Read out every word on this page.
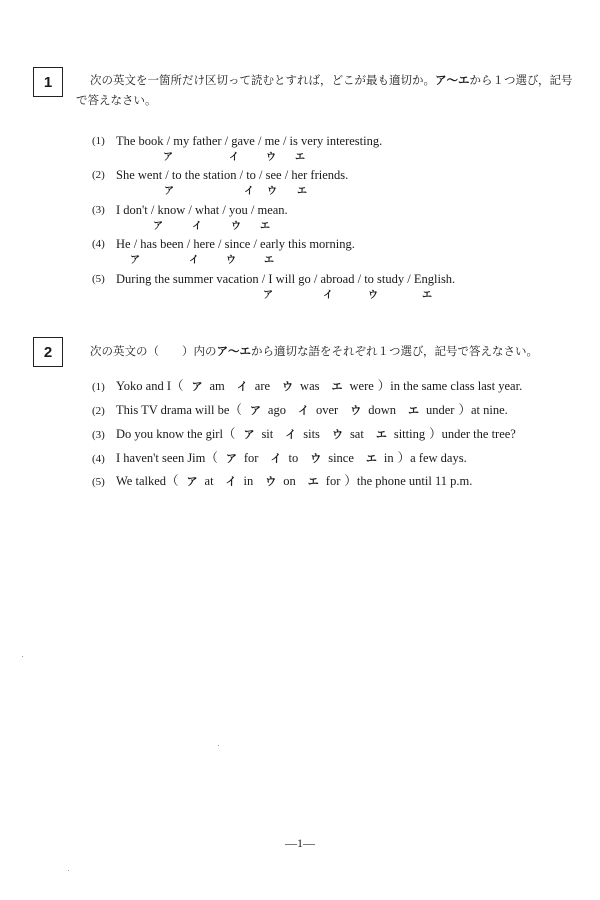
1	次の英文を一箇所だけ区切って読むとすれば，どこが最も適切か。ア～エから１つ選び，記号
で答えなさい。
(1) The book / my father / gave / me / is very interesting.
ア	イ	ウ エ
(2) She went / to the station / to / see / her friends.
ア	イ ウ エ
(3) I don't / know / what / you / mean.
ア	イ	ウ エ
(4) He / has been / here / since / early this morning.
ア	イ	ウ	エ
(5) During the summer vacation / I will go / abroad / to study / English.
ア	イ	ウ	エ
2	次の英文の（　　）内のア～エから適切な語をそれぞれ１つ選び，記号で答えなさい。
(1) Yoko and I（ ア am イ are ウ was エ were ）in the same class last year.
(2) This TV drama will be（ ア ago イ over ウ down エ under ）at nine.
(3) Do you know the girl（ ア sit イ sits ウ sat エ sitting ）under the tree?
(4) I haven't seen Jim（ ア for イ to ウ since エ in ）a few days.
(5) We talked（ ア at イ in ウ on エ for ）the phone until 11 p.m.
—1—
